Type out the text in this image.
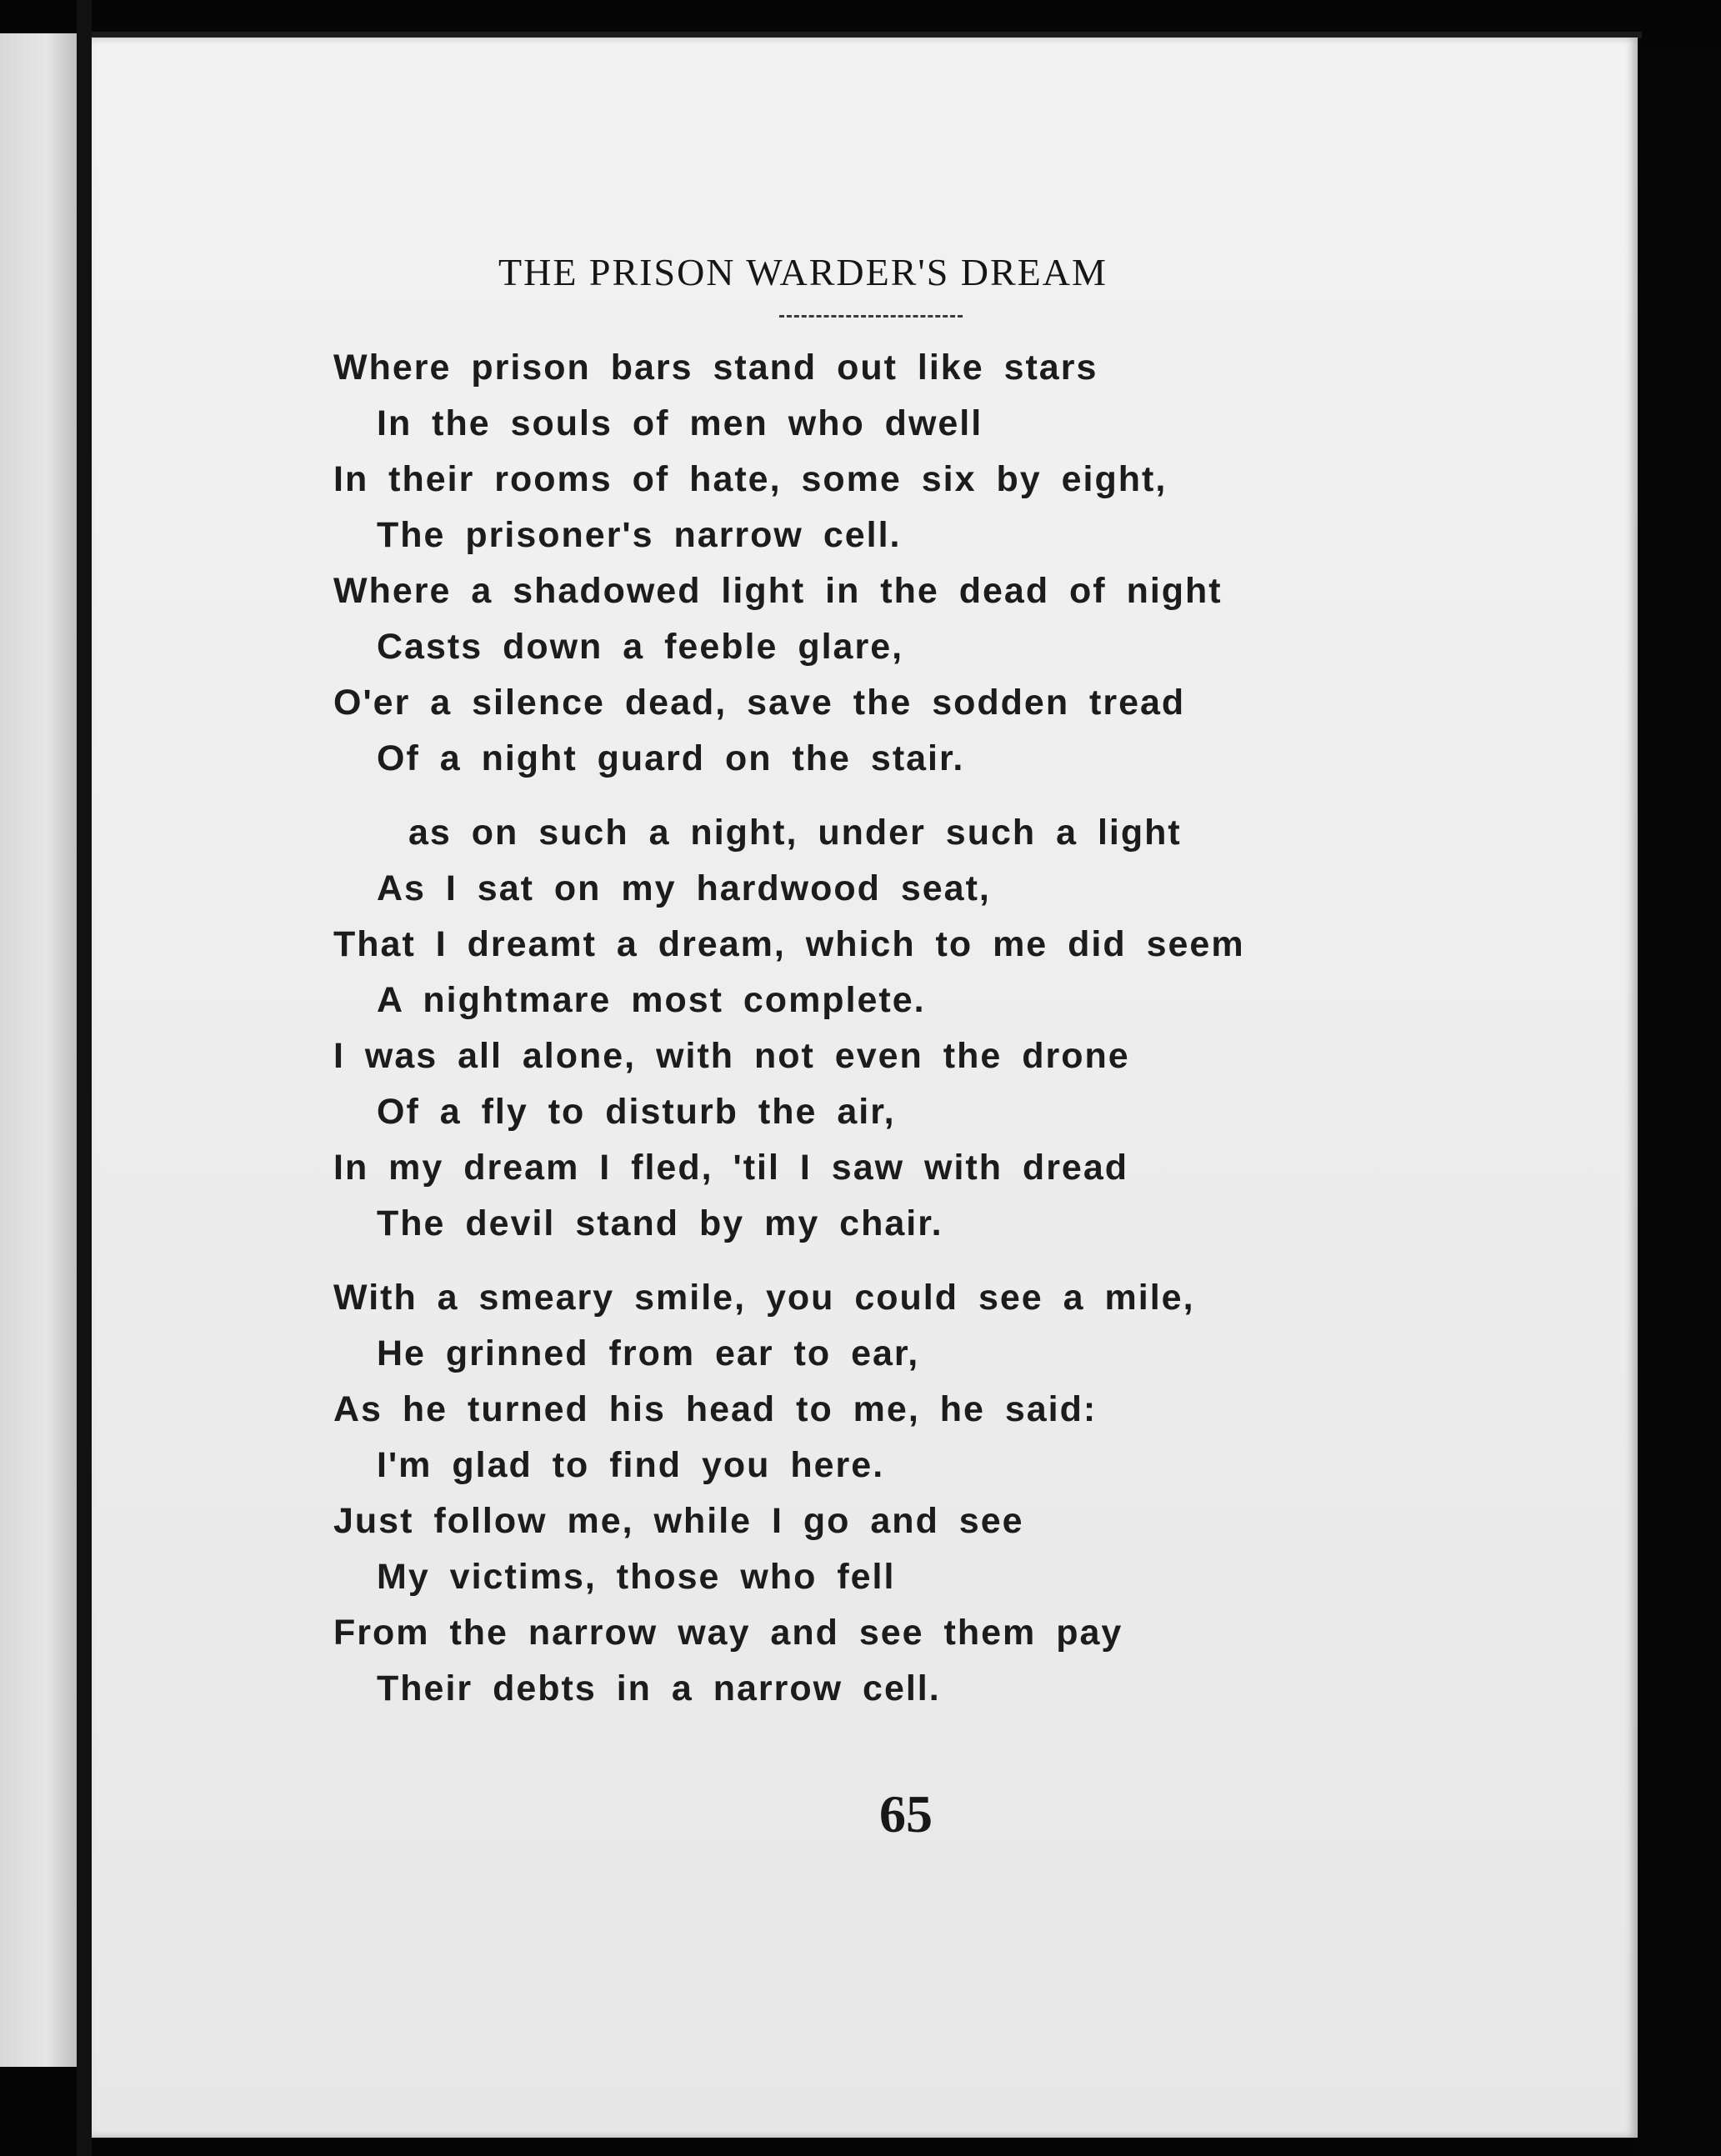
THE PRISON WARDER'S DREAM
Where prison bars stand out like stars
In the souls of men who dwell
In their rooms of hate, some six by eight,
The prisoner's narrow cell.
Where a shadowed light in the dead of night
Casts down a feeble glare,
O'er a silence dead, save the sodden tread
Of a night guard on the stair.
as on such a night, under such a light
As I sat on my hardwood seat,
That I dreamt a dream, which to me did seem
A nightmare most complete.
I was all alone, with not even the drone
Of a fly to disturb the air,
In my dream I fled, 'til I saw with dread
The devil stand by my chair.
With a smeary smile, you could see a mile,
He grinned from ear to ear,
As he turned his head to me, he said:
I'm glad to find you here.
Just follow me, while I go and see
My victims, those who fell
From the narrow way and see them pay
Their debts in a narrow cell.
65
